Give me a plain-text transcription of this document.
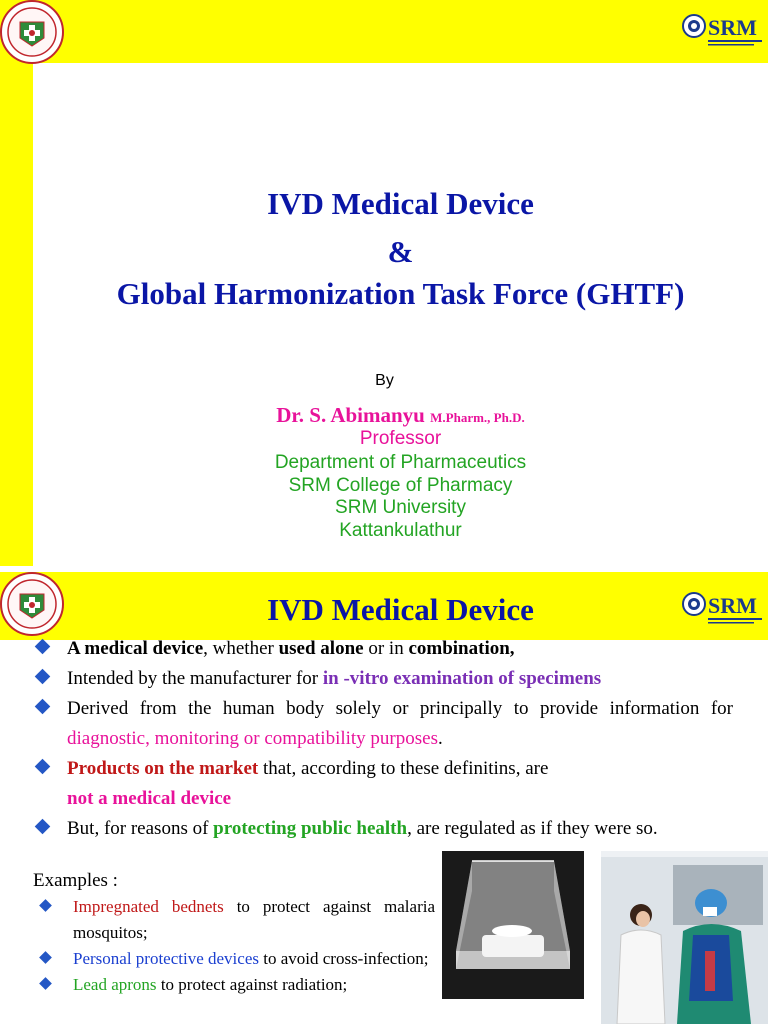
SRM
IVD Medical Device
&
Global Harmonization Task Force (GHTF)
By
Dr. S. Abimanyu M.Pharm., Ph.D.
Professor
Department of Pharmaceutics
SRM College of Pharmacy
SRM University
Kattankulathur
SRM
IVD Medical Device
A medical device, whether used alone or in combination,
Intended by the manufacturer for in -vitro examination of specimens
Derived from the human body solely or principally to provide information for diagnostic, monitoring or compatibility purposes.
Products on the market that, according to these definitins, are
not a medical device
But, for reasons of protecting public health, are regulated as if they were so.
Examples :
Impregnated bednets to protect against malaria mosquitos;
Personal protective devices to avoid cross-infection;
Lead aprons to protect against radiation;
